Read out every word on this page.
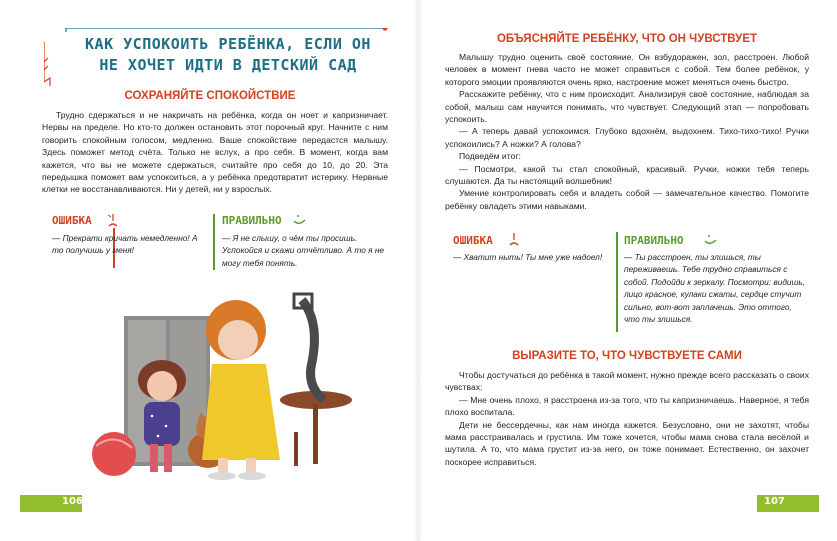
КАК УСПОКОИТЬ РЕБЁНКА, ЕСЛИ ОН НЕ ХОЧЕТ ИДТИ В ДЕТСКИЙ САД
СОХРАНЯЙТЕ СПОКОЙСТВИЕ

Трудно сдержаться и не накричать на ребёнка, когда он ноет и капризничает. Нервы на пределе. Но кто-то должен остановить этот порочный круг. Начните с ним говорить спокойным голосом, медленно. Ваше спокойствие передастся малышу. Здесь поможет метод счёта. Только не вслух, а про себя. В момент, когда вам кажется, что вы не можете сдержаться, считайте про себя до 10, до 20. Эта передышка поможет вам успокоиться, а у ребёнка предотвратит истерику. Нервные клетки не восстанавливаются. Ни у детей, ни у взрослых.

ОШИБКА
— Прекрати кричать немедленно! А то получишь у меня!
ПРАВИЛЬНО
— Я не слышу, о чём ты просишь. Успокойся и скажи отчётливо. А то я не могу тебя понять.
106
ОБЪЯСНЯЙТЕ РЕБЁНКУ, ЧТО ОН ЧУВСТВУЕТ

Малышу трудно оценить своё состояние. Он взбудоражен, зол, расстроен. Любой человек в момент гнева часто не может справиться с собой. Тем более ребёнок, у которого эмоции проявляются очень ярко, настроение может меняться очень быстро.

Расскажите ребёнку, что с ним происходит. Анализируя своё состояние, наблюдая за собой, малыш сам научится понимать, что чувствует. Следующий этап — попробовать успокоить.

— А теперь давай успокоимся. Глубоко вдохнём, выдохнем. Тихо-тихо-тихо! Ручки успокоились? А ножки? А голова?

Подведём итог:

— Посмотри, какой ты стал спокойный, красивый. Ручки, ножки тебя теперь слушаются. Да ты настоящий волшебник!

Умение контролировать себя и владеть собой — замечательное качество. Помогите ребёнку овладеть этими навыками.

ОШИБКА
— Хватит ныть! Ты мне уже надоел!
ПРАВИЛЬНО
— Ты расстроен, ты злишься, ты переживаешь. Тебе трудно справиться с собой. Подойди к зеркалу. Посмотри: видишь, лицо красное, кулаки сжаты, сердце стучит сильно, вот-вот заплачешь. Это оттого, что ты злишься.
ВЫРАЗИТЕ ТО, ЧТО ЧУВСТВУЕТЕ САМИ

Чтобы достучаться до ребёнка в такой момент, нужно прежде всего рассказать о своих чувствах:

— Мне очень плохо, я расстроена из-за того, что ты капризничаешь. Наверное, я тебя плохо воспитала.

Дети не бессердечны, как нам иногда кажется. Безусловно, они не захотят, чтобы мама расстраивалась и грустила. Им тоже хочется, чтобы мама снова стала весёлой и шутила. А то, что мама грустит из-за него, он тоже понимает. Естественно, он захочет поскорее исправиться.

107
